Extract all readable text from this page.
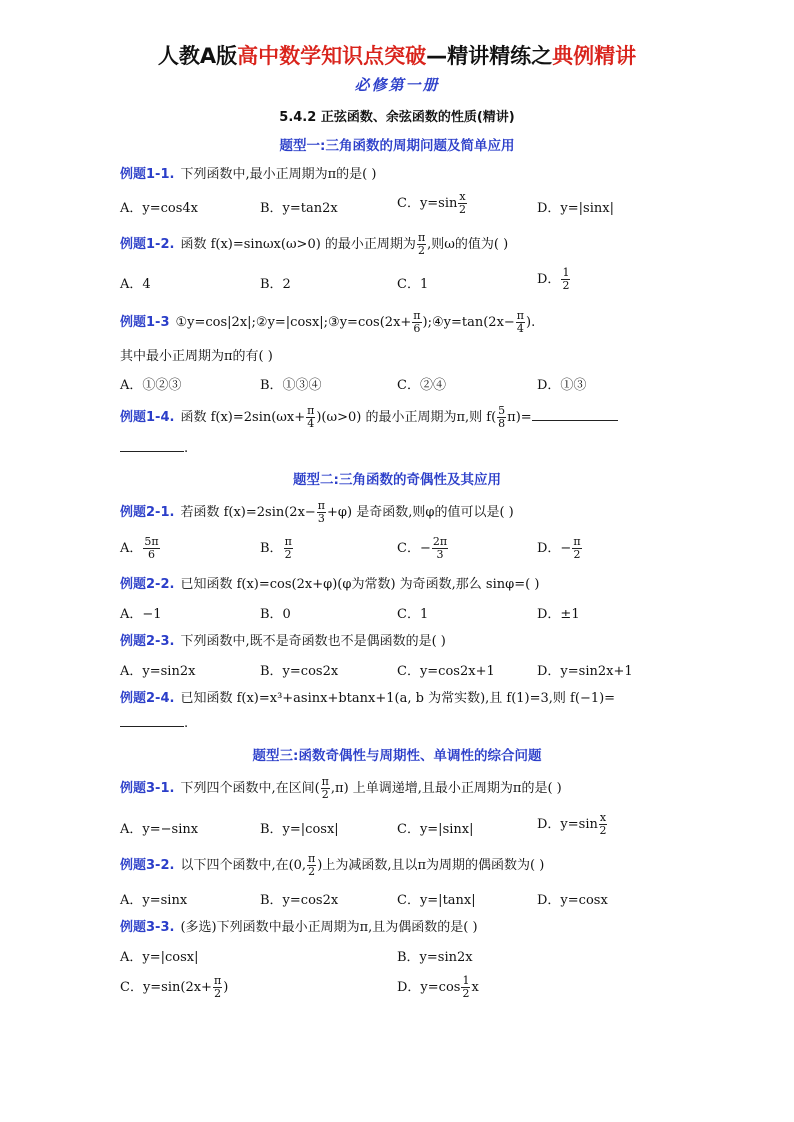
人教A版高中数学知识点突破—精讲精练之典例精讲
必修第一册
5.4.2 正弦函数、余弦函数的性质(精讲)
题型一:三角函数的周期问题及简单应用
例题1-1. 下列函数中,最小正周期为π的是( )
A．y=cos4x	B．y=tan2x	C．$y=\sin \frac{x}{2}$	D．y=|sinx|
例题1-2. 函数 f(x)=sinωx(ω>0) 的最小正周期为 $\frac{\pi}{2}$ ,则ω的值为( )
A．4	B．2	C．1	D． $\frac{1}{2}$
例题1-3 ①y=cos|2x|;②y=|cosx|;③y=cos(2x+ $\frac{\pi}{6}$ );④y=tan(2x− $\frac{\pi}{4}$ ).
其中最小正周期为π的有( )
A．①②③	B．①③④	C．②④	D．①③
例题1-4. 函数 $f(x)=2\sin(\omega x+ \frac{\pi}{4} )(\omega>0)$ 的最小正周期为π,则 $f( \frac{5}{8} \pi)=$
.
题型二:三角函数的奇偶性及其应用
例题2-1. 若函数 $f(x)=2\sin(2x- \frac{\pi}{3} +\varphi)$ 是奇函数,则φ的值可以是( )
A． $\frac{5\pi}{6}$	B． $\frac{\pi}{2}$	C．− $\frac{2\pi}{3}$	D．− $\frac{\pi}{2}$
例题2-2. 已知函数 f(x)=cos(2x+φ)(φ为常数) 为奇函数,那么 sinφ=( )
A．−1	B．0	C．1	D．±1
例题2-3. 下列函数中,既不是奇函数也不是偶函数的是( )
A．y=sin2x	B．y=cos2x	C．y=cos2x+1	D．y=sin2x+1
例题2-4. 已知函数 f(x)=x³+asinx+btanx+1(a, b 为常实数),且 f(1)=3,则 f(−1)=
.
题型三:函数奇偶性与周期性、单调性的综合问题
例题3-1. 下列四个函数中,在区间( $\frac{\pi}{2} ,\pi$) 上单调递增,且最小正周期为π的是( )
A．y=−sinx	B．y=|cosx|	C．y=|sinx|	D．$y=\sin \frac{x}{2}$
例题3-2. 以下四个函数中,在(0, $\frac{\pi}{2}$ )上为减函数,且以π为周期的偶函数为( )
A．y=sinx	B．y=cos2x	C．y=|tanx|	D．y=cosx
例题3-3. (多选)下列函数中最小正周期为π,且为偶函数的是( )
A．y=|cosx|	B．y=sin2x
C．$y=\sin(2x+ \frac{\pi}{2}$ )	D．$y=\cos \frac{1}{2}$ x
